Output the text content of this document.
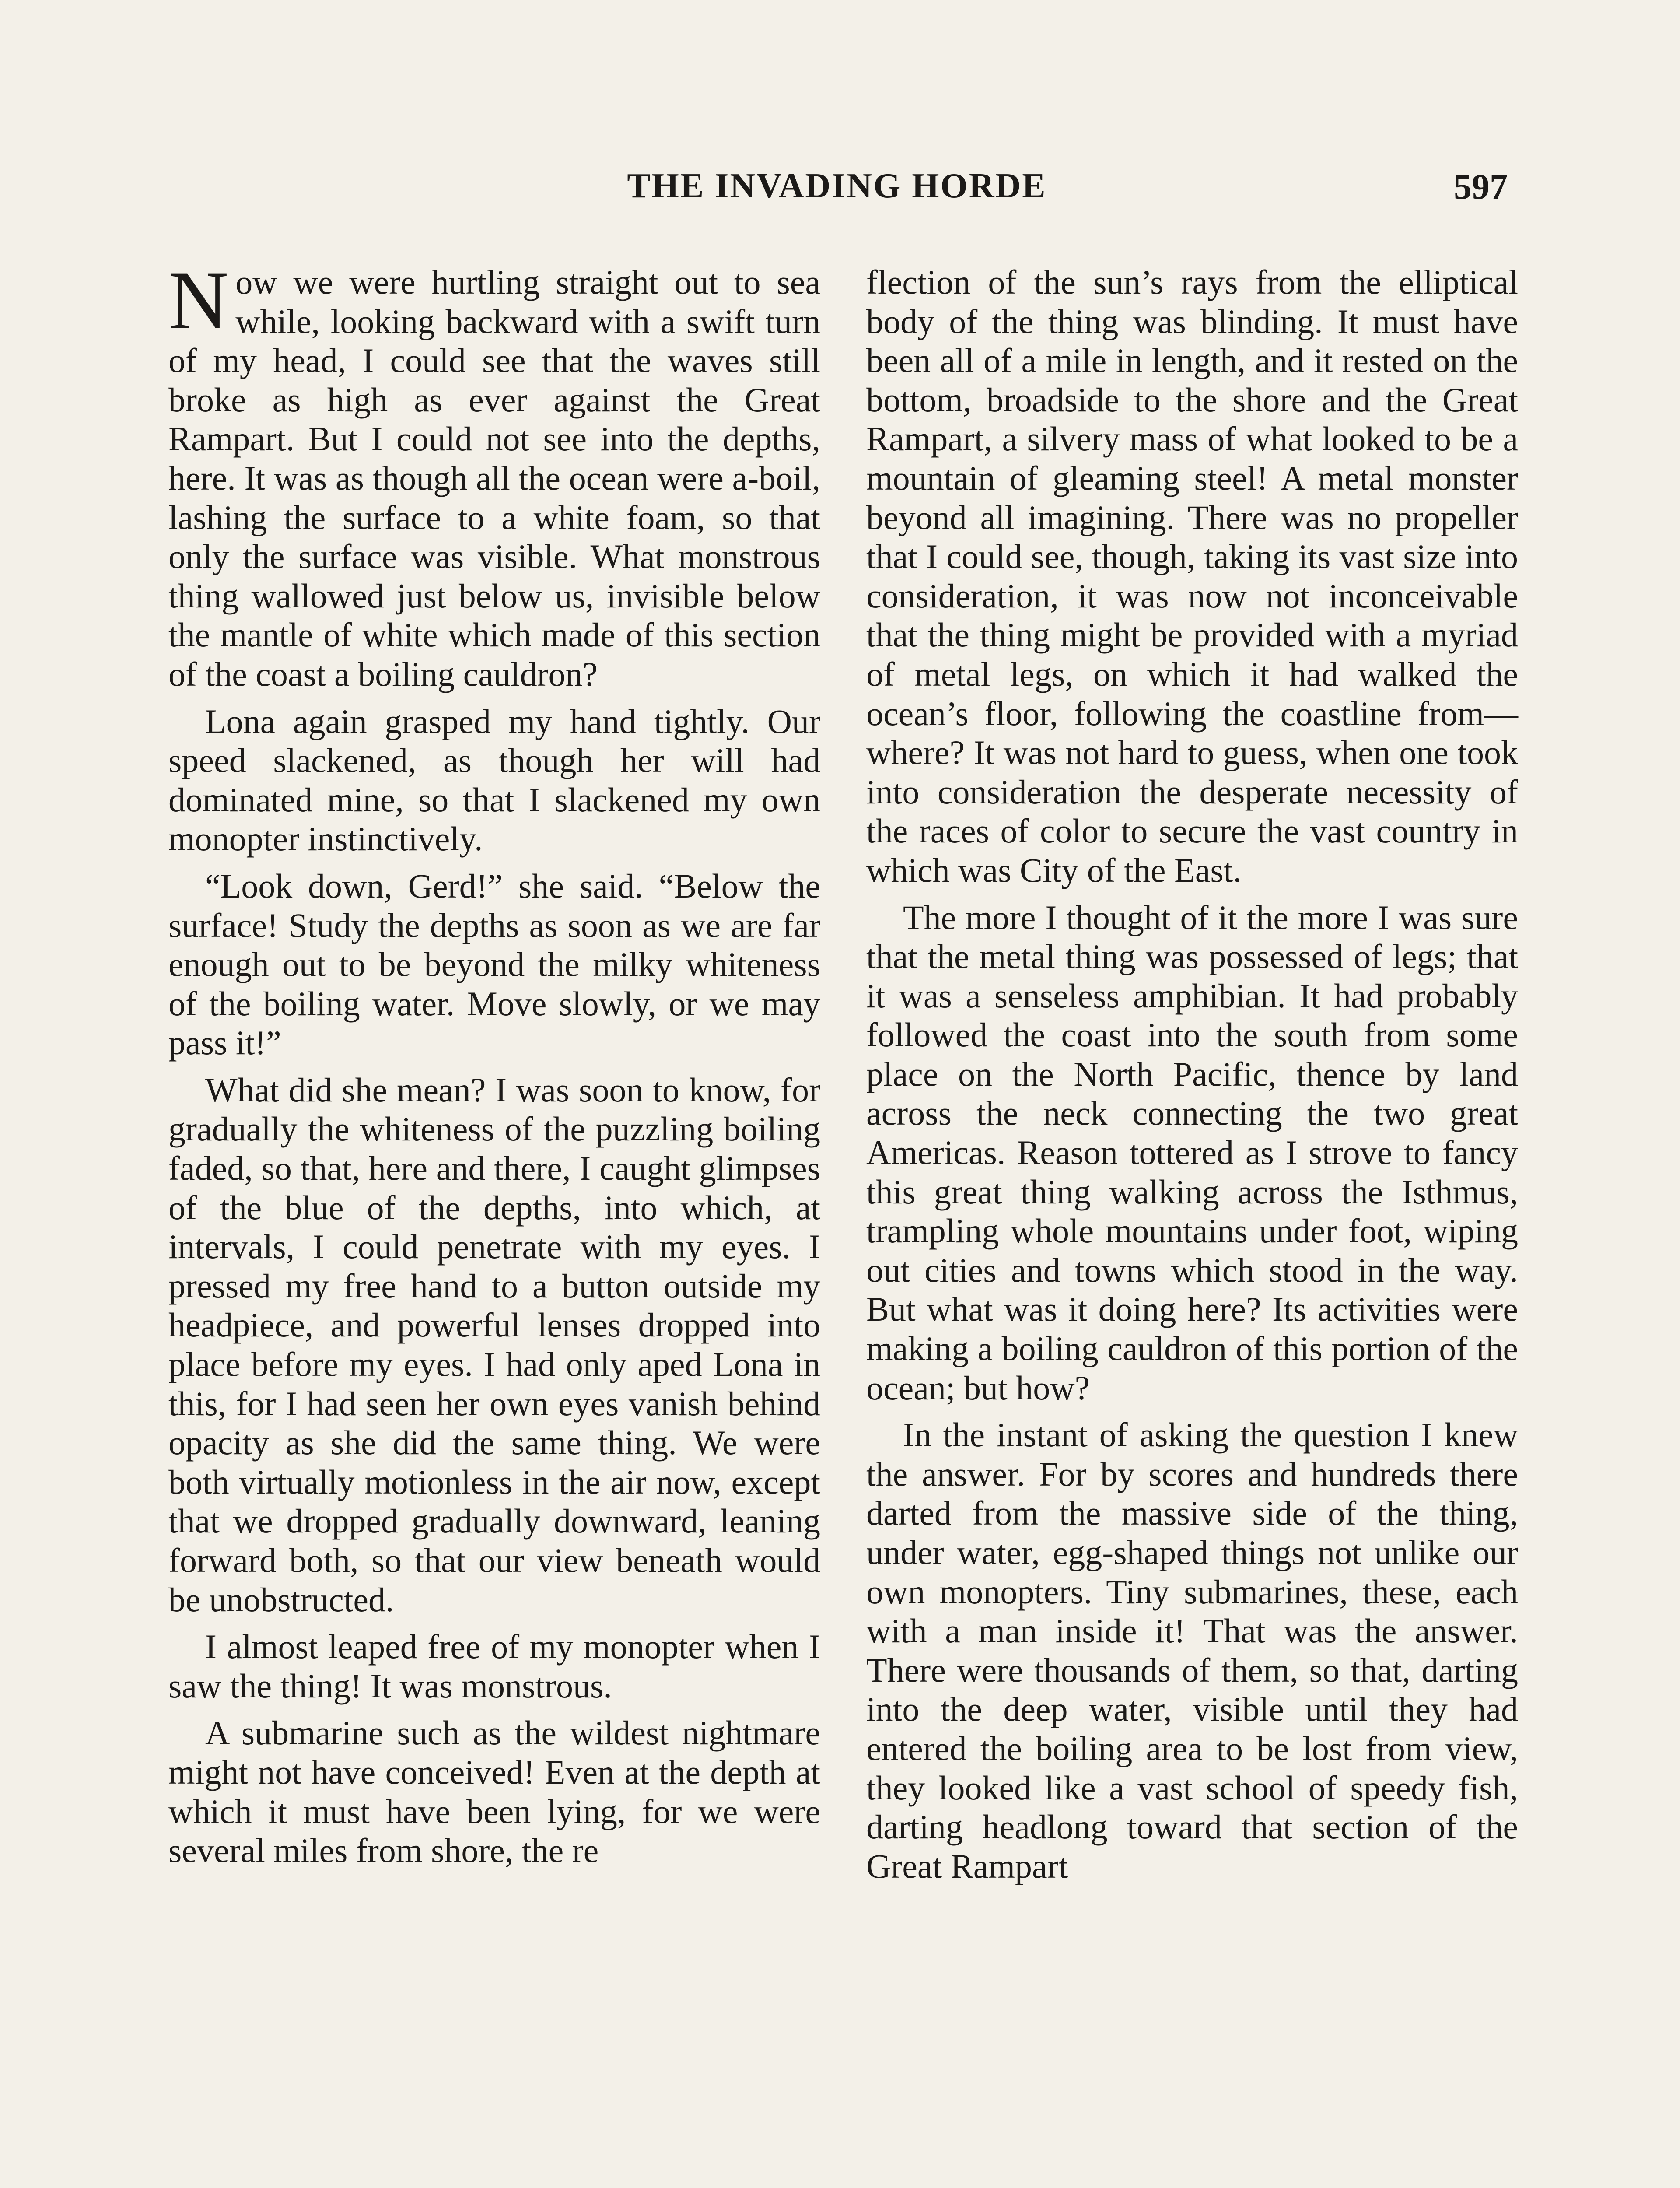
THE INVADING HORDE	597

Now we were hurtling straight out to sea while, looking backward with a swift turn of my head, I could see that the waves still broke as high as ever against the Great Rampart. But I could not see into the depths, here. It was as though all the ocean were a-boil, lashing the surface to a white foam, so that only the surface was visible. What monstrous thing wallowed just below us, invisible below the mantle of white which made of this section of the coast a boiling cauldron?

Lona again grasped my hand tightly. Our speed slackened, as though her will had dominated mine, so that I slackened my own monopter instinctively.

“Look down, Gerd!” she said. “Below the surface! Study the depths as soon as we are far enough out to be beyond the milky whiteness of the boiling water. Move slowly, or we may pass it!”

What did she mean? I was soon to know, for gradually the whiteness of the puzzling boiling faded, so that, here and there, I caught glimpses of the blue of the depths, into which, at intervals, I could penetrate with my eyes. I pressed my free hand to a button outside my headpiece, and powerful lenses dropped into place before my eyes. I had only aped Lona in this, for I had seen her own eyes vanish behind opacity as she did the same thing. We were both virtually motionless in the air now, except that we dropped gradually downward, leaning forward both, so that our view beneath would be unobstructed.

I almost leaped free of my monopter when I saw the thing! It was monstrous.

A submarine such as the wildest nightmare might not have conceived! Even at the depth at which it must have been lying, for we were several miles from shore, the re

flection of the sun’s rays from the elliptical body of the thing was blinding. It must have been all of a mile in length, and it rested on the bottom, broadside to the shore and the Great Rampart, a silvery mass of what looked to be a mountain of gleaming steel! A metal monster beyond all imagining. There was no propeller that I could see, though, taking its vast size into consideration, it was now not inconceivable that the thing might be provided with a myriad of metal legs, on which it had walked the ocean’s floor, following the coastline from—where? It was not hard to guess, when one took into consideration the desperate necessity of the races of color to secure the vast country in which was City of the East.

The more I thought of it the more I was sure that the metal thing was possessed of legs; that it was a senseless amphibian. It had probably followed the coast into the south from some place on the North Pacific, thence by land across the neck connecting the two great Americas. Reason tottered as I strove to fancy this great thing walking across the Isthmus, trampling whole mountains under foot, wiping out cities and towns which stood in the way. But what was it doing here? Its activities were making a boiling cauldron of this portion of the ocean; but how?

In the instant of asking the question I knew the answer. For by scores and hundreds there darted from the massive side of the thing, under water, egg-shaped things not unlike our own monopters. Tiny submarines, these, each with a man inside it! That was the answer. There were thousands of them, so that, darting into the deep water, visible until they had entered the boiling area to be lost from view, they looked like a vast school of speedy fish, darting headlong toward that section of the Great Rampart
